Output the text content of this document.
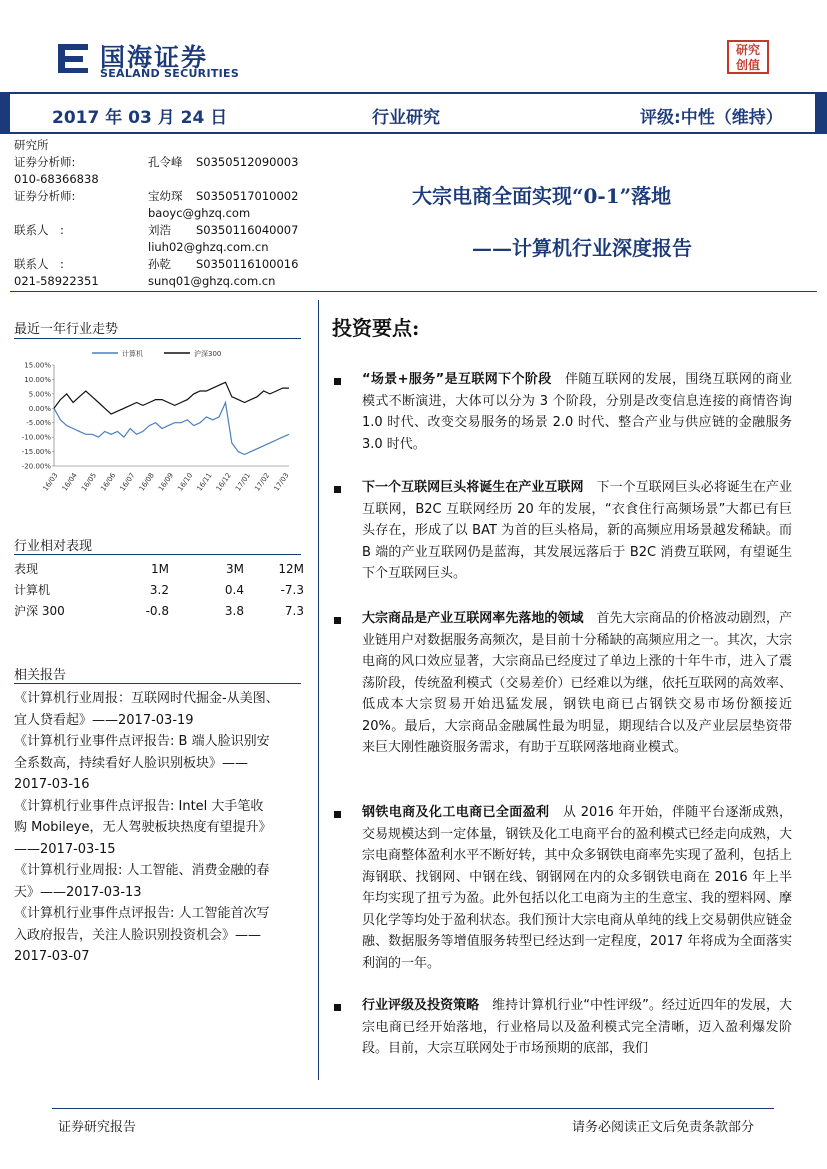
国海证券
SEALAND SECURITIES
研究
创值
2017 年 03 月 24 日	行业研究	评级:中性（维持）
研究所
证券分析师:	孔令峰 S0350512090003
010-68366838
证券分析师:	宝幼琛 S0350517010002
baoyc@ghzq.com
联系人　:	刘浩 S0350116040007
liuh02@ghzq.com.cn
联系人　:	孙乾 S0350116100016
021-58922351	sunq01@ghzq.com.cn
大宗电商全面实现“0-1”落地
——计算机行业深度报告
最近一年行业走势
计算机	沪深300
15.00%
10.00%
5.00%
0.00%
-5.00%
-10.00%
-15.00%
-20.00%
16/03 16/04 16/05 16/06 16/07 16/08 16/09 16/10 16/11 16/12 17/01 17/02 17/03
行业相对表现
表现	1M	3M	12M
计算机	3.2	0.4	-7.3
沪深 300	-0.8	3.8	7.3
相关报告
《计算机行业周报：互联网时代掘金-从美图、
宜人贷看起》——2017-03-19
《计算机行业事件点评报告: B 端人脸识别安
全系数高，持续看好人脸识别板块》——
2017-03-16
《计算机行业事件点评报告: Intel 大手笔收
购 Mobileye，无人驾驶板块热度有望提升》
——2017-03-15
《计算机行业周报: 人工智能、消费金融的春
天》——2017-03-13
《计算机行业事件点评报告: 人工智能首次写
入政府报告，关注人脸识别投资机会》——
2017-03-07
投资要点:
“场景+服务”是互联网下个阶段　 伴随互联网的发展，围绕互联网的商业模式不断演进，大体可以分为 3 个阶段，分别是改变信息连接的商情咨询 1.0 时代、改变交易服务的场景 2.0 时代、整合产业与供应链的金融服务 3.0 时代。
下一个互联网巨头将诞生在产业互联网　 下一个互联网巨头必将诞生在产业互联网，B2C 互联网经历 20 年的发展，“衣食住行高频场景”大都已有巨头存在，形成了以 BAT 为首的巨头格局，新的高频应用场景越发稀缺。而 B 端的产业互联网仍是蓝海，其发展远落后于 B2C 消费互联网，有望诞生下个互联网巨头。
大宗商品是产业互联网率先落地的领域　 首先大宗商品的价格波动剧烈，产业链用户对数据服务高频次，是目前十分稀缺的高频应用之一。其次，大宗电商的风口效应显著，大宗商品已经度过了单边上涨的十年牛市，进入了震荡阶段，传统盈利模式（交易差价）已经难以为继，依托互联网的高效率、低成本大宗贸易开始迅猛发展，钢铁电商已占钢铁交易市场份额接近 20%。最后，大宗商品金融属性最为明显，期现结合以及产业层层垫资带来巨大刚性融资服务需求，有助于互联网落地商业模式。
钢铁电商及化工电商已全面盈利　 从 2016 年开始，伴随平台逐渐成熟，交易规模达到一定体量，钢铁及化工电商平台的盈利模式已经走向成熟，大宗电商整体盈利水平不断好转，其中众多钢铁电商率先实现了盈利，包括上海钢联、找钢网、中钢在线、钢钢网在内的众多钢铁电商在 2016 年上半年均实现了扭亏为盈。此外包括以化工电商为主的生意宝、我的塑料网、摩贝化学等均处于盈利状态。我们预计大宗电商从单纯的线上交易朝供应链金融、数据服务等增值服务转型已经达到一定程度，2017 年将成为全面落实利润的一年。
行业评级及投资策略　 维持计算机行业“中性评级”。经过近四年的发展，大宗电商已经开始落地，行业格局以及盈利模式完全清晰，迈入盈利爆发阶段。目前，大宗互联网处于市场预期的底部，我们
证券研究报告	请务必阅读正文后免责条款部分
